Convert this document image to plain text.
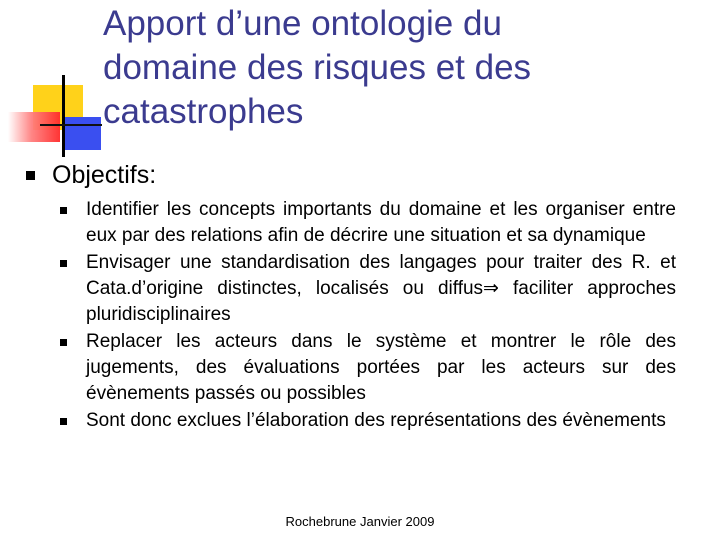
Apport d’une ontologie du
domaine des risques et des
catastrophes
Objectifs:
Identifier les concepts importants du domaine et les organiser entre eux par des relations afin de décrire une situation et sa dynamique
Envisager une standardisation des langages pour traiter des R. et Cata.d’origine distinctes, localisés ou diffus⇒ faciliter approches pluridisciplinaires
Replacer les acteurs dans le système et montrer le rôle des jugements, des évaluations portées par les acteurs sur des évènements passés ou possibles
Sont donc exclues l’élaboration des représentations des évènements
Rochebrune Janvier 2009
